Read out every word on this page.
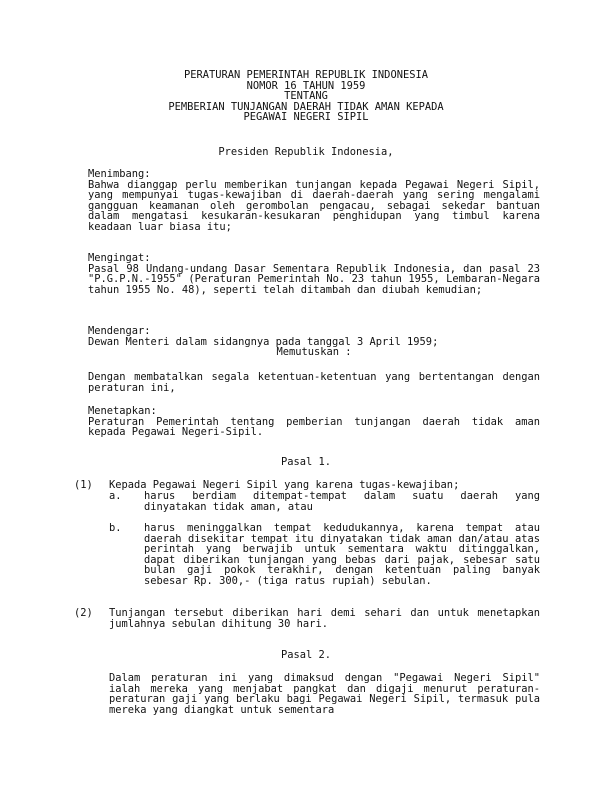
PERATURAN PEMERINTAH REPUBLIK INDONESIA
NOMOR 16 TAHUN 1959
TENTANG
PEMBERIAN TUNJANGAN DAERAH TIDAK AMAN KEPADA
PEGAWAI NEGERI SIPIL
Presiden Republik Indonesia,
Menimbang:
Bahwa dianggap perlu memberikan tunjangan kepada Pegawai Negeri Sipil, yang mempunyai tugas-kewajiban di daerah-daerah yang sering mengalami gangguan keamanan oleh gerombolan pengacau, sebagai sekedar bantuan dalam mengatasi kesukaran-kesukaran penghidupan yang timbul karena keadaan luar biasa itu;
Mengingat:
Pasal 98 Undang-undang Dasar Sementara Republik Indonesia, dan pasal 23 "P.G.P.N.-1955" (Peraturan Pemerintah No. 23 tahun 1955, Lembaran-Negara tahun 1955 No. 48), seperti telah ditambah dan diubah kemudian;
Mendengar:
Dewan Menteri dalam sidangnya pada tanggal 3 April 1959;
Memutuskan :
Dengan membatalkan segala ketentuan-ketentuan yang bertentangan dengan peraturan ini,
Menetapkan:
Peraturan Pemerintah tentang pemberian tunjangan daerah tidak aman kepada Pegawai Negeri-Sipil.
Pasal 1.
(1) Kepada Pegawai Negeri Sipil yang karena tugas-kewajiban;
a. harus berdiam ditempat-tempat dalam suatu daerah yang dinyatakan tidak aman, atau
b. harus meninggalkan tempat kedudukannya, karena tempat atau daerah disekitar tempat itu dinyatakan tidak aman dan/atau atas perintah yang berwajib untuk sementara waktu ditinggalkan, dapat diberikan tunjangan yang bebas dari pajak, sebesar satu bulan gaji pokok terakhir, dengan ketentuan paling banyak sebesar Rp. 300,- (tiga ratus rupiah) sebulan.
(2) Tunjangan tersebut diberikan hari demi sehari dan untuk menetapkan jumlahnya sebulan dihitung 30 hari.
Pasal 2.
Dalam peraturan ini yang dimaksud dengan "Pegawai Negeri Sipil" ialah mereka yang menjabat pangkat dan digaji menurut peraturan-peraturan gaji yang berlaku bagi Pegawai Negeri Sipil, termasuk pula mereka yang diangkat untuk sementara
